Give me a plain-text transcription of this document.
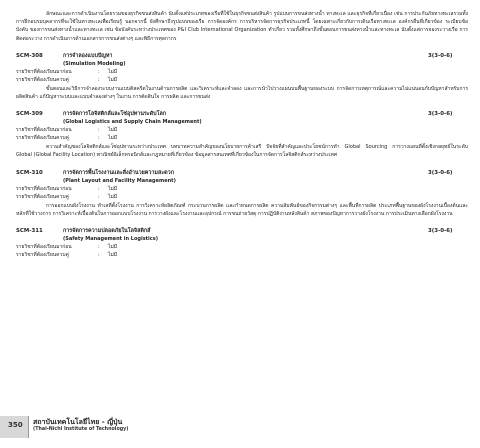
ลักษณะและการดำเนินงานโดยรวมของธุรกิจขนส่งสินค้า นับตั้งแต่ประเภทของเรือที่ใช้ในธุรกิจขนส่งสินค้า รูปแบบการขนส่งทางน้ำ ทางทะเล และธุรกิจที่เกี่ยวเนื่อง เช่น การประกันภัยทางทะเลรวมทั้งการฝึกอบรมบุคลากรที่จะใช้ในทางทะเลเพื่อเรียนรู้ นอกจากนี้ ยังศึกษาถึงรูปแบบของเรือ การจัดองค์กร การบริหารจัดการธุรกิจประเภทนี้ โดยเฉพาะเกี่ยวกับการเดินเรือทางทะเล องค์กรอื่นที่เกี่ยวข้อง ระเบียบข้อบังคับ ของการขนส่งทางน้ำและทางทะเล เช่น ข้อบังคับระหว่างประเทศของ P&I Club International Organization ทำเกี่ยว รวมทั้งศึกษาถึงขั้นตอนการขนส่งทางน้ำและทางทะเล นับตั้งแต่การจองระวางเรือ การติดต่อระวาง การดำเนินการด้านเอกสารการขนส่งต่างๆ และพิธีการศุลกากร

SCM-308	การจำลองแบบปัญหา	3(3-0-6)
(Simulation Modeling)
รายวิชาที่ต้องเรียนมาก่อน	:	ไม่มี
รายวิชาที่ต้องเรียนควบคู่	:	ไม่มี

ขั้นตอนและวิธีการจำลองระบบงานแบบดิสครีตในงานด้านการผลิต และวิเคราะห์และจำลอง และการนำไปวางแผนบนพื้นฐานของระบบ การจัดการเหตุการณ์และความไม่แน่นอนกับปัญหาสำหรับการผลิตสินค้า แก้ปัญหาระบบและแบบจำลองต่างๆ ในงาน การตัดสินใจ การผลิต และการขนส่ง

SCM-309	การจัดการโลจิสติกส์และโซ่อุปทานระดับโลก	3(3-0-6)
(Global Logistics and Supply Chain Management)
รายวิชาที่ต้องเรียนมาก่อน	:	ไม่มี
รายวิชาที่ต้องเรียนควบคู่	:	ไม่มี

ความสำคัญของโลจิสติกส์และโซ่อุปทานระหว่างประเทศ บทบาทความสำคัญของนโยบายการค้าเสรี ปัจจัยที่สำคัญและประโยชน์การทำ Global Sourcing การวางแผนที่ตั้งเชิงกลยุทธ์ในระดับ Global (Global Facility Location) พาณิชย์อิเล็กทรอนิกส์และกฎหมายที่เกี่ยวข้อง ข้อมูลสารสนเทศที่เกี่ยวข้องในการจัดการโลจิสติกส์ระหว่างประเทศ

SCM-310	การจัดการพื้นโรงงานและสิ่งอำนวยความสะดวก	3(3-0-6)
(Plant Layout and Facility Management)
รายวิชาที่ต้องเรียนมาก่อน	:	ไม่มี
รายวิชาที่ต้องเรียนควบคู่	:	ไม่มี

การออกแบบผังโรงงาน ทำเลที่ตั้งโรงงาน การวิเคราะห์ผลิตภัณฑ์ กระบวนการผลิต และกำหนดการผลิต ความสัมพันธ์ของกิจกรรมต่างๆ และพื้นที่การผลิต ประเภทพื้นฐานของผังโรงงานเบื้องต้นและหลักที่ใช้วางการ การวิเคราะห์เบื้องต้นในการออกแบบโรงงาน การวางผังและโรงงานและอุปกรณ์ การขนถ่ายวัสดุ การปฏิบัติงานหลังสินค้า สภาพของปัญหาการวางผังโรงงาน การประเมินทางเลือกผังโรงงาน

SCM-311	การจัดการความปลอดภัยในโลจิสติกส์	3(3-0-6)
(Safety Management in Logistics)
รายวิชาที่ต้องเรียนมาก่อน	:	ไม่มี
รายวิชาที่ต้องเรียนควบคู่	:	ไม่มี
350 สถาบันเทคโนโลยีไทย - ญี่ปุ่น
(Thai-Nichi Institute of Technology)
